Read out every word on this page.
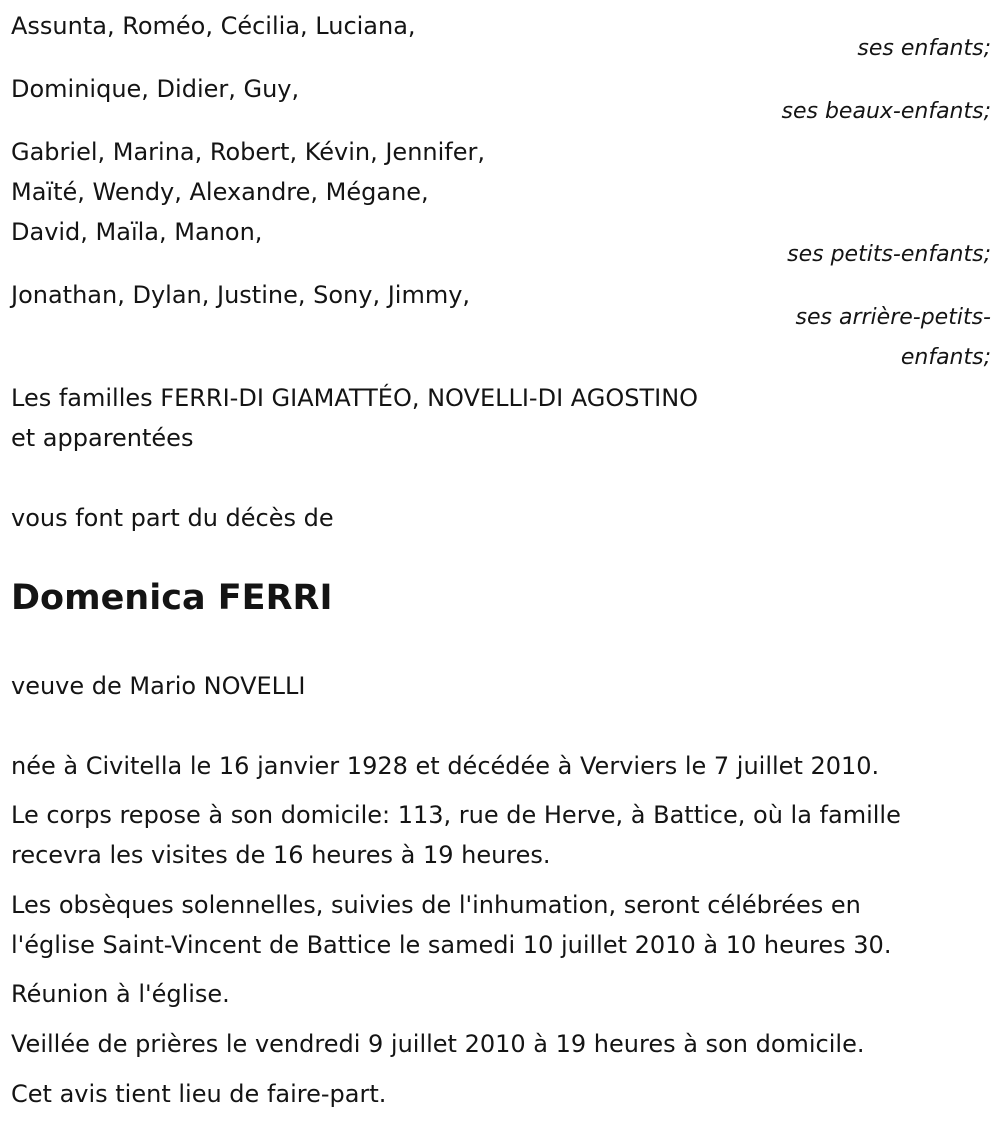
Assunta, Roméo, Cécilia, Luciana,
ses enfants;
Dominique, Didier, Guy,
ses beaux-enfants;
Gabriel, Marina, Robert, Kévin, Jennifer,
Maïté, Wendy, Alexandre, Mégane,
David, Maïla, Manon,
ses petits-enfants;
Jonathan, Dylan, Justine, Sony, Jimmy,
ses arrière-petits-
enfants;
Les familles FERRI-DI GIAMATTÉO, NOVELLI-DI AGOSTINO
et apparentées
vous font part du décès de
Domenica FERRI
veuve de Mario NOVELLI
née à Civitella le 16 janvier 1928 et décédée à Verviers le 7 juillet 2010.
Le corps repose à son domicile: 113, rue de Herve, à Battice, où la famille
recevra les visites de 16 heures à 19 heures.
Les obsèques solennelles, suivies de l'inhumation, seront célébrées en
l'église Saint-Vincent de Battice le samedi 10 juillet 2010 à 10 heures 30.
Réunion à l'église.
Veillée de prières le vendredi 9 juillet 2010 à 19 heures à son domicile.
Cet avis tient lieu de faire-part.
